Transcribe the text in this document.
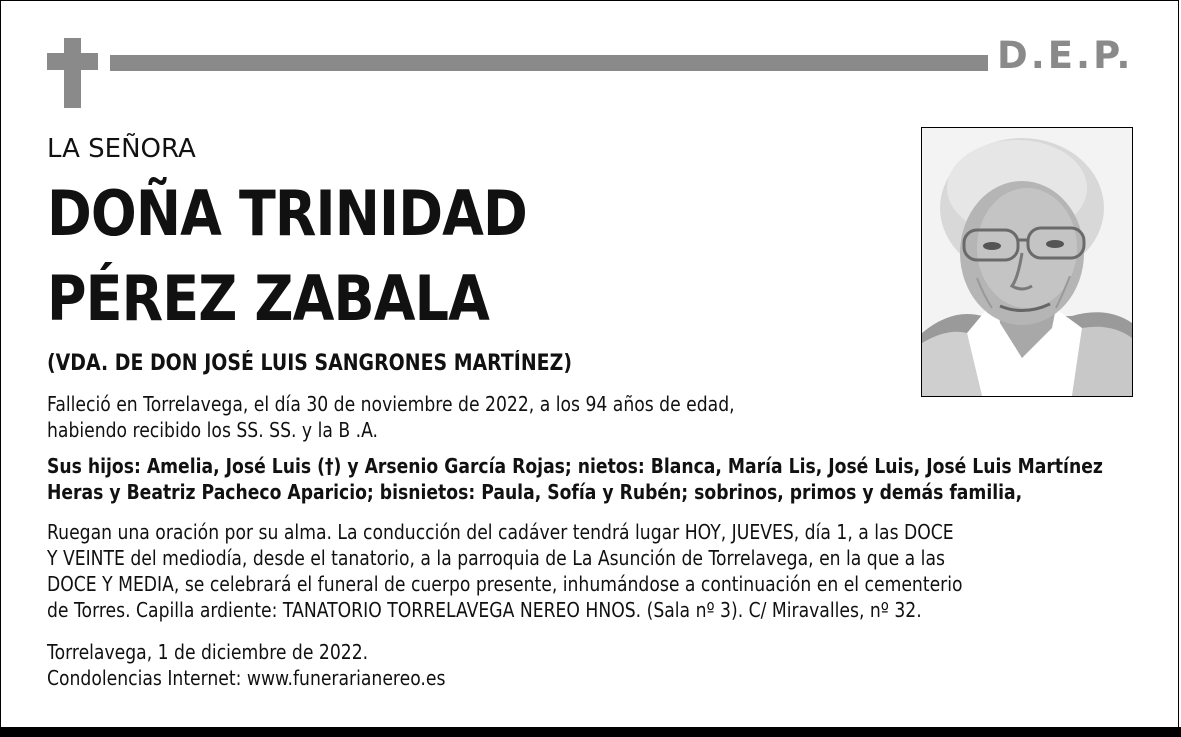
D.E.P.
LA SEÑORA
DOÑA TRINIDAD
PÉREZ ZABALA
(VDA. DE DON JOSÉ LUIS SANGRONES MARTÍNEZ)
Falleció en Torrelavega, el día 30 de noviembre de 2022, a los 94 años de edad,
habiendo recibido los SS. SS. y la B .A.
Sus hijos: Amelia, José Luis (†) y Arsenio García Rojas; nietos: Blanca, María Lis, José Luis, José Luis Martínez
Heras y Beatriz Pacheco Aparicio; bisnietos: Paula, Sofía y Rubén; sobrinos, primos y demás familia,
Ruegan una oración por su alma. La conducción del cadáver tendrá lugar HOY, JUEVES, día 1, a las DOCE
Y VEINTE del mediodía, desde el tanatorio, a la parroquia de La Asunción de Torrelavega, en la que a las
DOCE Y MEDIA, se celebrará el funeral de cuerpo presente, inhumándose a continuación en el cementerio
de Torres. Capilla ardiente: TANATORIO TORRELAVEGA NEREO HNOS. (Sala nº 3). C/ Miravalles, nº 32.
Torrelavega, 1 de diciembre de 2022.
Condolencias Internet: www.funerarianereo.es
